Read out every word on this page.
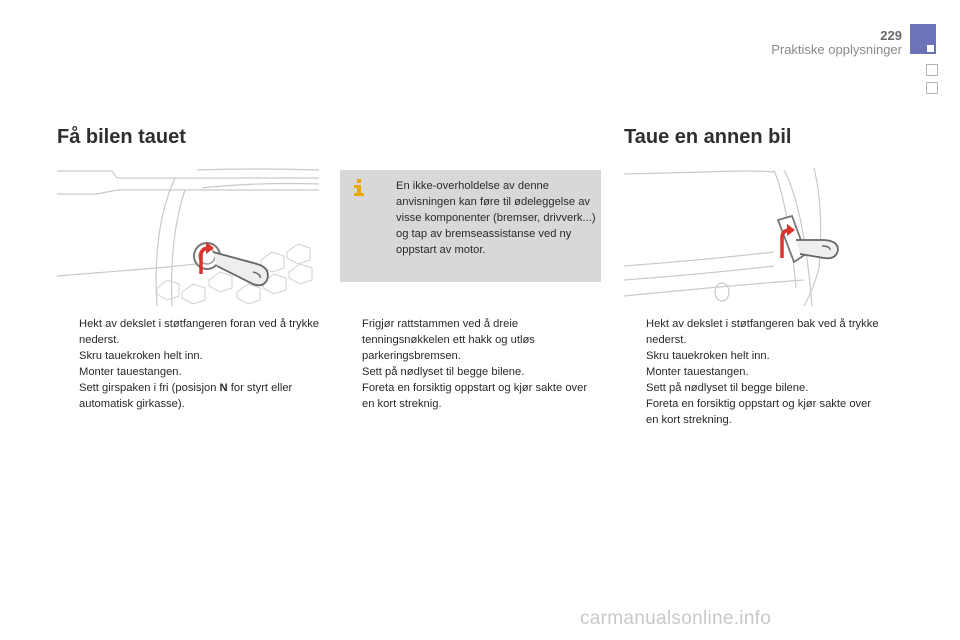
229
Praktiske opplysninger
Få bilen tauet
Hekt av dekslet i støtfangeren foran ved å trykke nederst.
Skru tauekroken helt inn.
Monter tauestangen.
Sett girspaken i fri (posisjon N for styrt eller automatisk girkasse).
En ikke-overholdelse av denne anvisningen kan føre til ødeleggelse av visse komponenter (bremser, drivverk...) og tap av bremseassistanse ved ny oppstart av motor.
Frigjør rattstammen ved å dreie tenningsnøkkelen ett hakk og utløs parkeringsbremsen.
Sett på nødlyset til begge bilene.
Foreta en forsiktig oppstart og kjør sakte over en kort streknig.
Taue en annen bil
Hekt av dekslet i støtfangeren bak ved å trykke nederst.
Skru tauekroken helt inn.
Monter tauestangen.
Sett på nødlyset til begge bilene.
Foreta en forsiktig oppstart og kjør sakte over en kort strekning.
carmanualsonline.info
